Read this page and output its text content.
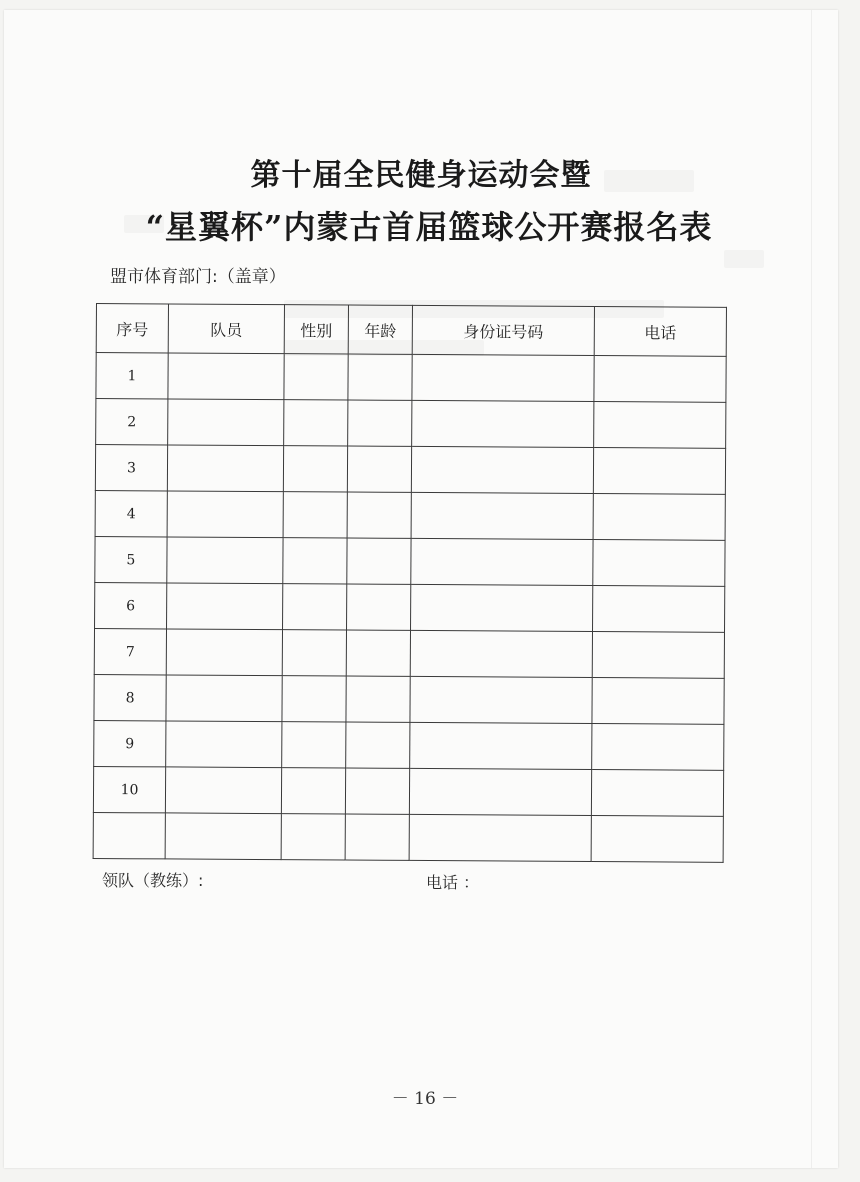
第十届全民健身运动会暨
“星翼杯”内蒙古首届篮球公开赛报名表
盟市体育部门:（盖章）
序号	队员	性别	年龄	身份证号码	电话
1					
2					
3					
4					
5					
6					
7					
8					
9					
10					

领队（教练）:	电话 ：
－ 16 －
